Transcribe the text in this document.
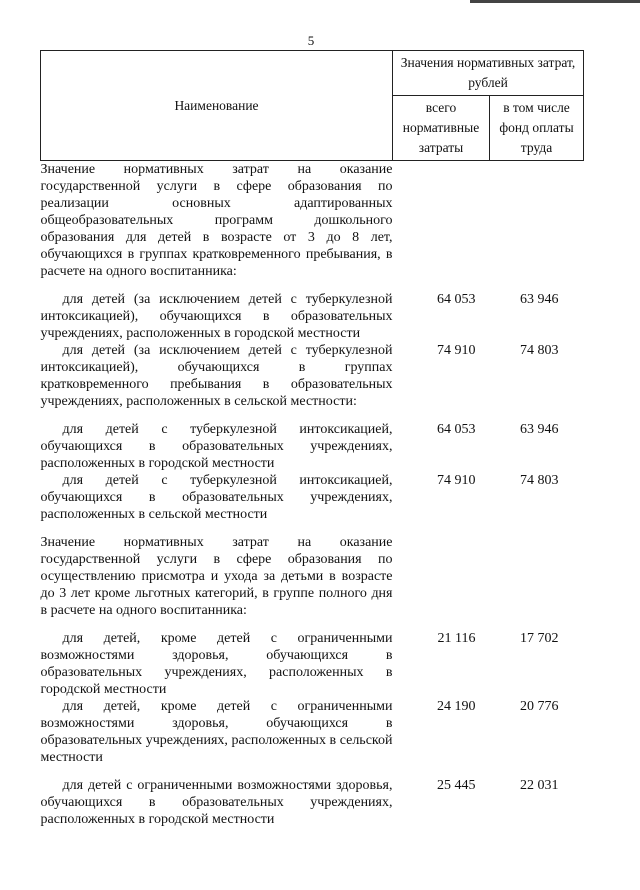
5
Наименование	Значения нормативных затрат, рублей	
	всего нормативные затраты	в том числе фонд оплаты труда
Значение нормативных затрат на оказание государственной услуги в сфере образования по реализации основных адаптированных общеобразовательных программ дошкольного образования для детей в возрасте от 3 до 8 лет, обучающихся в группах кратковременного пребывания, в расчете на одного воспитанника:		

для детей (за исключением детей с туберкулезной интоксикацией), обучающихся в образовательных учреждениях, расположенных в городской местности	64 053	63 946
для детей (за исключением детей с туберкулезной интоксикацией), обучающихся в группах кратковременного пребывания в образовательных учреждениях, расположенных в сельской местности:	74 910	74 803

для детей с туберкулезной интоксикацией, обучающихся в образовательных учреждениях, расположенных в городской местности	64 053	63 946
для детей с туберкулезной интоксикацией, обучающихся в образовательных учреждениях, расположенных в сельской местности	74 910	74 803

Значение нормативных затрат на оказание государственной услуги в сфере образования по осуществлению присмотра и ухода за детьми в возрасте до 3 лет кроме льготных категорий, в группе полного дня в расчете на одного воспитанника:		

для детей, кроме детей с ограниченными возможностями здоровья, обучающихся в образовательных учреждениях, расположенных в городской местности	21 116	17 702
для детей, кроме детей с ограниченными возможностями здоровья, обучающихся в образовательных учреждениях, расположенных в сельской местности	24 190	20 776

для детей с ограниченными возможностями здоровья, обучающихся в образовательных учреждениях, расположенных в городской местности	25 445	22 031
